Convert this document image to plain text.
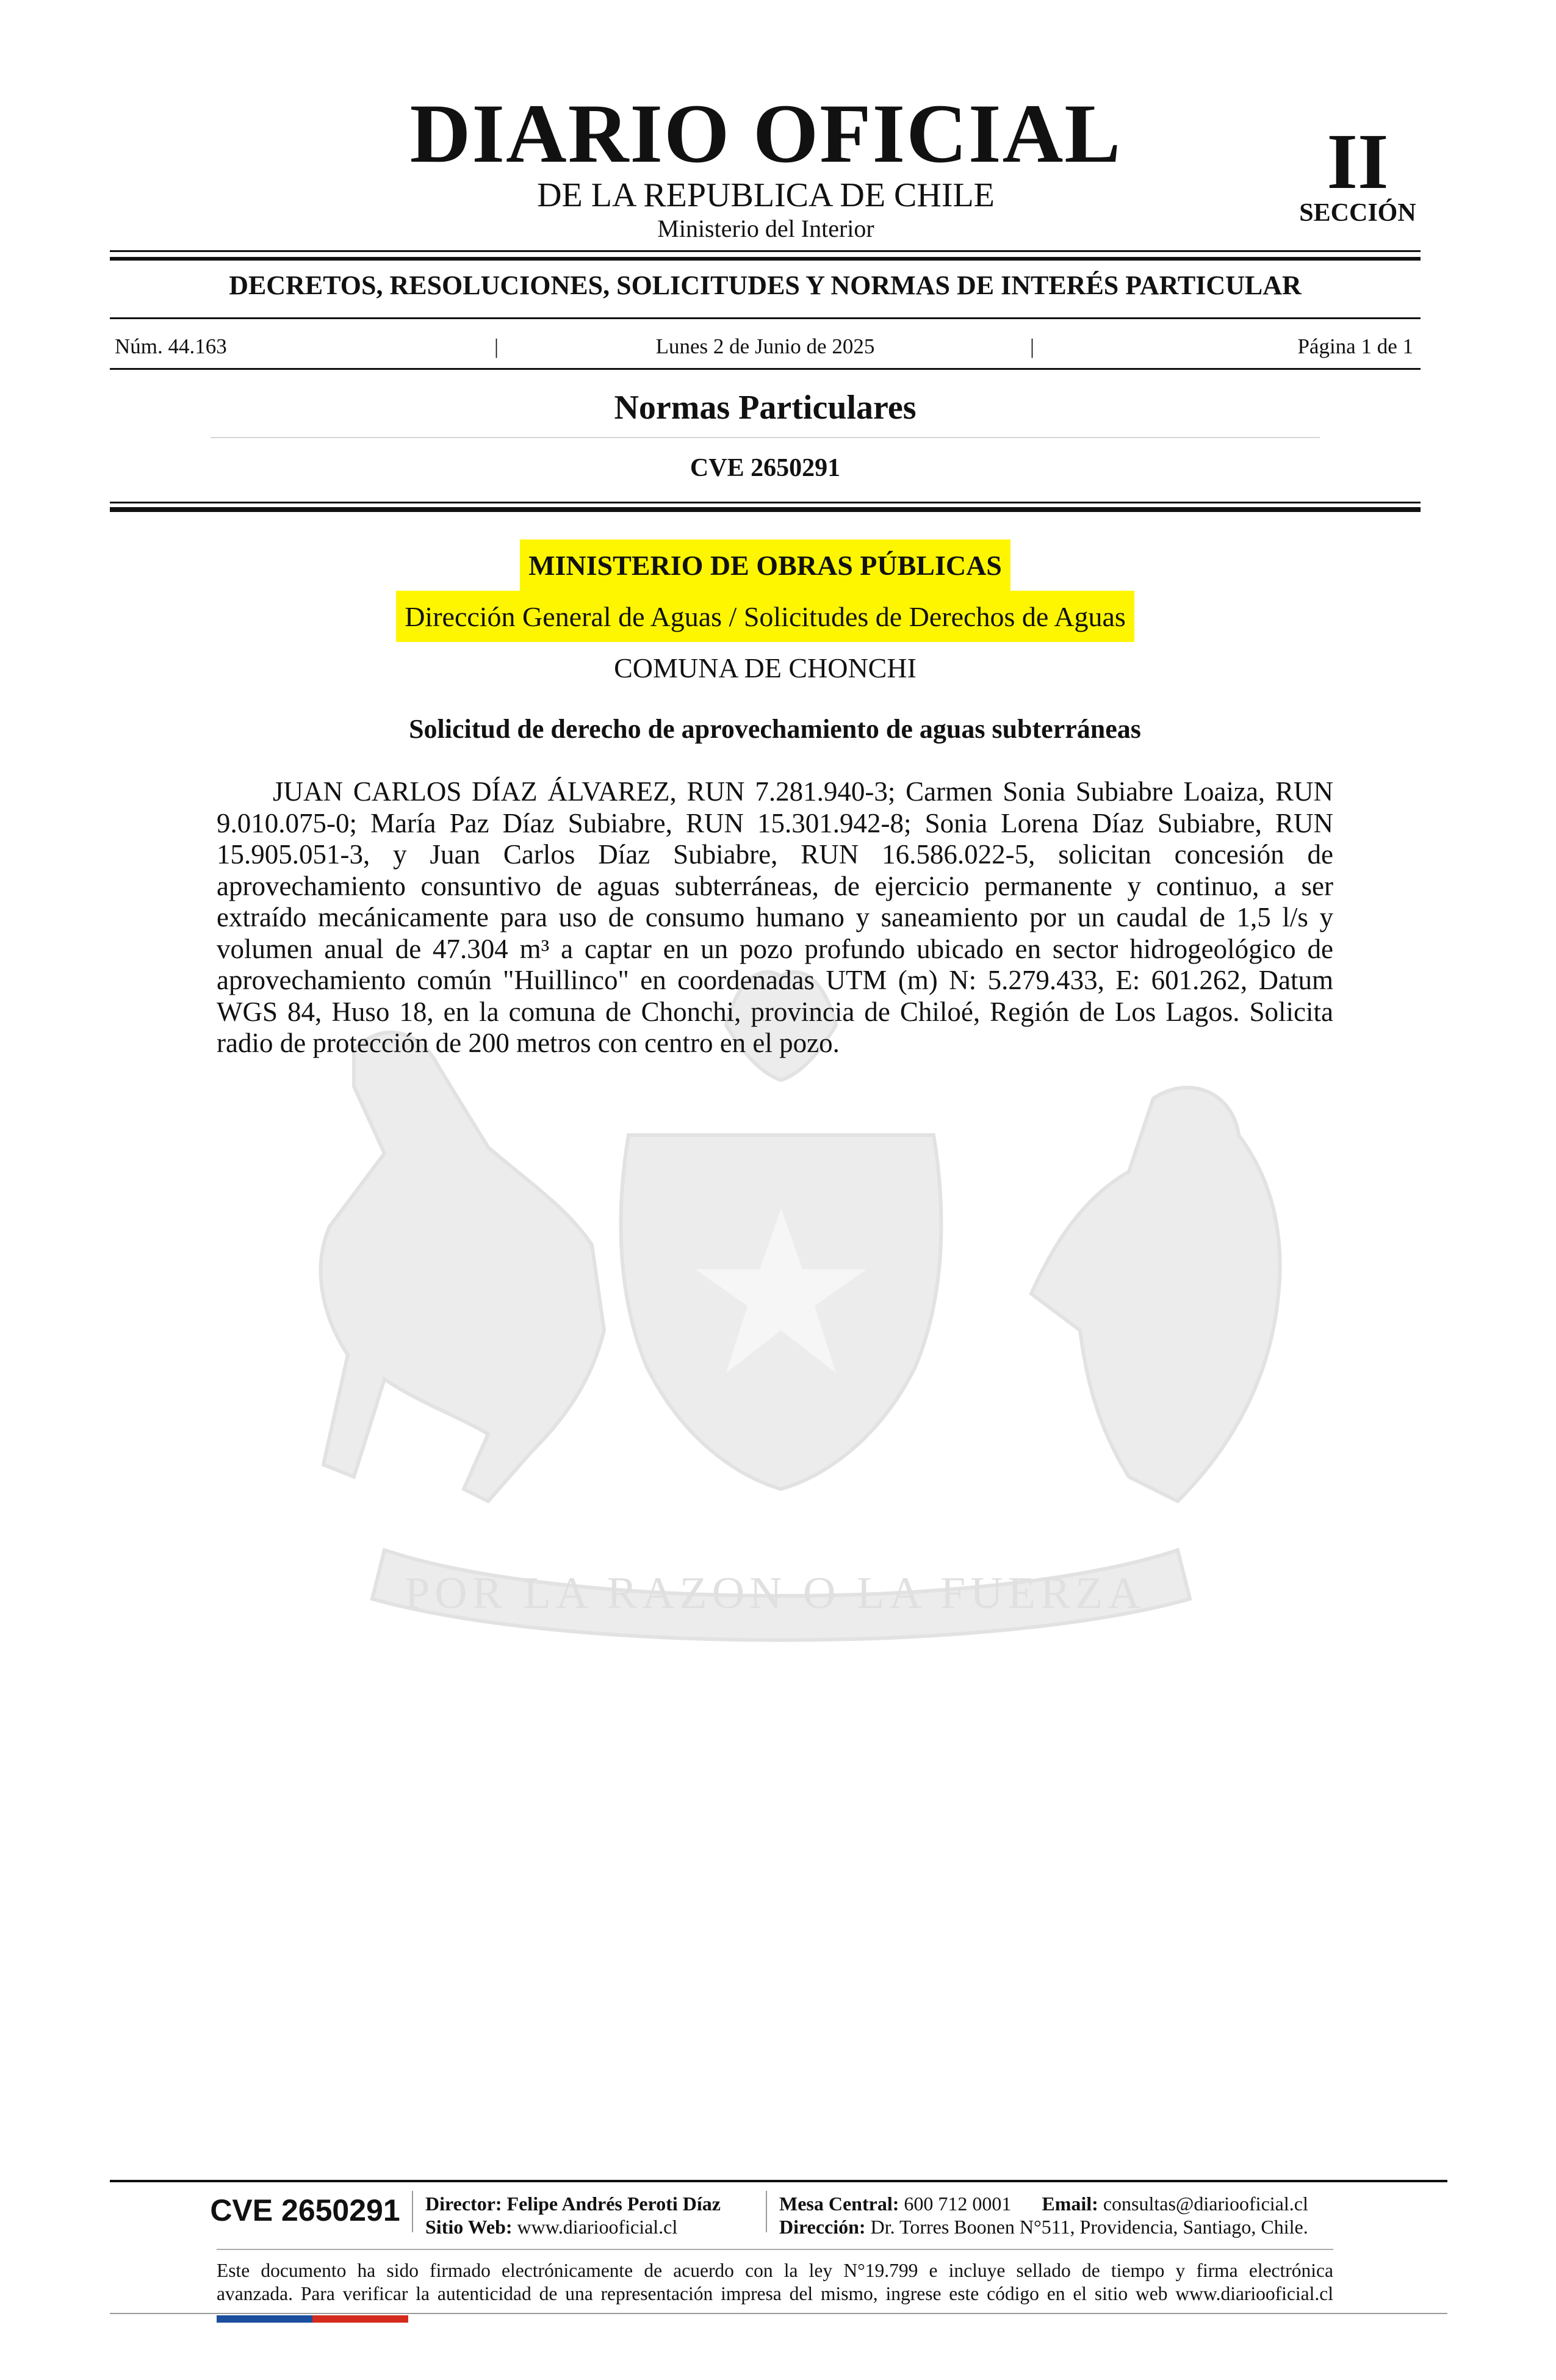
DIARIO OFICIAL
DE LA REPUBLICA DE CHILE
Ministerio del Interior
II
SECCIÓN
DECRETOS, RESOLUCIONES, SOLICITUDES Y NORMAS DE INTERÉS PARTICULAR
Núm. 44.163	|	Lunes 2 de Junio de 2025	|	Página 1 de 1
Normas Particulares
CVE 2650291
POR LA RAZON O LA FUERZA
MINISTERIO DE OBRAS PÚBLICAS
Dirección General de Aguas / Solicitudes de Derechos de Aguas
COMUNA DE CHONCHI
Solicitud de derecho de aprovechamiento de aguas subterráneas
JUAN CARLOS DÍAZ ÁLVAREZ, RUN 7.281.940-3; Carmen Sonia Subiabre Loaiza, RUN 9.010.075-0; María Paz Díaz Subiabre, RUN 15.301.942-8; Sonia Lorena Díaz Subiabre, RUN 15.905.051-3, y Juan Carlos Díaz Subiabre, RUN 16.586.022-5, solicitan concesión de aprovechamiento consuntivo de aguas subterráneas, de ejercicio permanente y continuo, a ser extraído mecánicamente para uso de consumo humano y saneamiento por un caudal de 1,5 l/s y volumen anual de 47.304 m³ a captar en un pozo profundo ubicado en sector hidrogeológico de aprovechamiento común "Huillinco" en coordenadas UTM (m) N: 5.279.433, E: 601.262, Datum WGS 84, Huso 18, en la comuna de Chonchi, provincia de Chiloé, Región de Los Lagos. Solicita radio de protección de 200 metros con centro en el pozo.
CVE 2650291	Director: Felipe Andrés Peroti Díaz
Sitio Web: www.diariooficial.cl
Mesa Central: 600 712 0001 Email: consultas@diariooficial.cl
Dirección: Dr. Torres Boonen N°511, Providencia, Santiago, Chile.
Este documento ha sido firmado electrónicamente de acuerdo con la ley N°19.799 e incluye sellado de tiempo y firma electrónica
avanzada. Para verificar la autenticidad de una representación impresa del mismo, ingrese este código en el sitio web www.diariooficial.cl
